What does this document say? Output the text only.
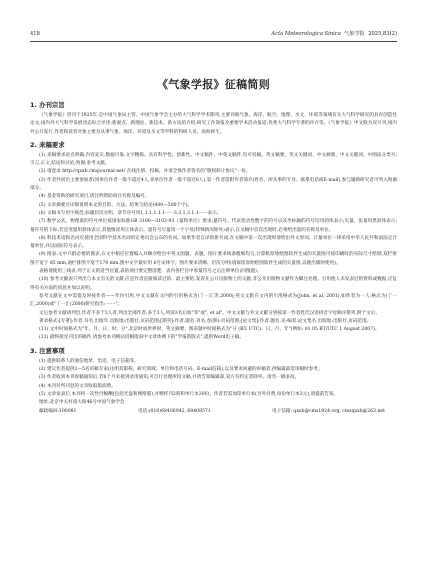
418	Acta Meteorologica Sinica 气象学报 2025,83(2)
《气象学报》征稿简则
1. 办刊宗旨

《气象学报》创刊于1925年,是中国气象局主管、中国气象学会主办的大气科学学术期刊,主要刊载气象、海洋、航空、地理、水文、环境等领域有关大气科学研究的具有创造性论文;国内外大气科学发展动态综合评述;新观点、新理论、新技术、新方法的介绍;研究工作简报及重要学术活动报道;优秀大气科学专著的评介等。《气象学报》中文版为双月刊,国内外公开发行,作者和读者对象主要为从事气象、海洋、环境及水文等学科的科研人员、高校师生。

2. 来稿要求

(1) 来稿要求论点明确,内容充实,数据可靠,文字精练。具有科学性、创新性。中文稿件、中英文稿件,均可投稿。英文稿要、英文关键词、中文摘要、中文关键词。中图法分类号;引言,正文,结论和讨论;致谢;参考文献。

(2) 请登录 http://qxxb.cmsjournal.net/ 在线注册、投稿。并请全体作者签名的"版权转让协议"一份。

(3) 作者共同出主要参加者(同单位作者一般不超过4人,多单位作者一般不超过6人),第一作者需附作者简介(姓名、所从事的专业、联系电话或E-mail),参与辅助研究者可列入致谢部分。

(4) 基金资助的研究项目,请注明资助项目名称及编号。

(5) 文章摘要应详细说明本文的目的、方法、结果与结论(400—500个字)。

(6) 文稿书写用字规范,标题层次分明。章节序号用1,1.1,1.1.1······3,3.1,3.1.1······表示。

(7) 数学公式、物理量的符号单位按国家标准GB 3100—3102-93《量和单位》要求;量符号、代表变动性数字的符号以及坐标轴的符号均用斜体表示;矢量、张量用黑斜体表示;量符号的下标,若是变量用斜体表示,其他情况用正体表示。量符号尽量用一个字母(特殊情况除外)表示,在文稿中首次出现时,必须给出量的名称及单位。

(8) 科技术语和名词应使用全国科学技术名词审定委员会公布的名词。如果作者自译的新名词,在文稿中第一次出现时请给出外文原词。计量单位一律采用中华人民共和国法定计量单位,并以国际符号表示。

(9) 图表:文中只附必要的图表,在文中相应位置编入并顺序给出中英文图题、表题。图片要求线条粗细均匀,计算机原始绘图软件生成的矢量图可按印刷时的实际尺寸绘制,双栏排图不宽于 85 mm,通栏排图不宽于170 mm,图中文字最好用 6号宋体字。图片要求清晰、层次分明(请保留原始绘图软件生成的矢量图,以便出版时使用)。

表格请使用三线表,列于正文的适当位置,表的项目要完整清楚。表内各栏目中参量符号之后注明单位(同图题)。

(10) 参考文献表只列出与本文有关的文献,应是作者直接阅读过的、最主要的,发表在公开出版物上的文献;非公开出版物文献作为脚注处理。引用他人未发表过的资料或数据,应征得有关方面的同意并加以说明。

参考文献在文中需提及时按作者——年份引用,中文文献在文内的引用格式为(丁一汇等,2000);英文文献在文内的引用格式为(John, et al, 2001),如作者为一人,格式为(丁一汇,2000)或"丁一汇(2000)研究指出:·······"。

文后参考文献请列出,作者不多于3人者,列出全部作者;多于3人,列前3名后加"等"或", et al"。中文文献与外文文献分别按第一作者姓氏汉语拼音字母顺序排列,附于文后。

著录格式:[专著]:作者.书名.出版年.出版地:出版社,页码范围;[期刊]:作者.题名.刊名,卷(期):页码范围;[论文集]:作者.题名.见:编者.论文集名.出版地:出版社,页码范围。

(11) 文中时间格式为"年、月、日、时、分",北京时或世界时。英文摘要、图表题中时间格式为"分 (BT, UTC)、日、月、年"(例如: 01 05 BT/UTC 1 August 2007)。

(12) 最终接受刊出的稿件,请参考本刊网站投稿指南中文章体例下的"学报新版式",提供Word电子稿。

3. 注意事项

(1) 提供联系人的通信地址、电话、电子信箱等。

(2) 建议作者提供3—5名审稿专家(注明其职称、研究领域、单位和电话号码、E-mail信箱),以及要求回避的审稿者,供编辑部选审稿时参考。

(3) 作者收到本刊收稿通知后,若6个月未接到录用通知,可自行处理所投文稿,并请告知编辑部,双方有约定者除外。请勿一稿多投。

(4) 本刊对所刊登的文章收取版面费。

(5) 文章发表后,本刊将一次性付稿酬(包括光盘和网络版),并赠样刊2册和单行本30份。作者若需加印单行本(另外付费,每份单行本3元),请提前告知。

地址:北京中关村南大街46号中国气象学会
邮政编码:100081	电话:(010)68406942, 68408571	电子信箱: qxxb@cms1924.org, cmsqxxb@263.net
